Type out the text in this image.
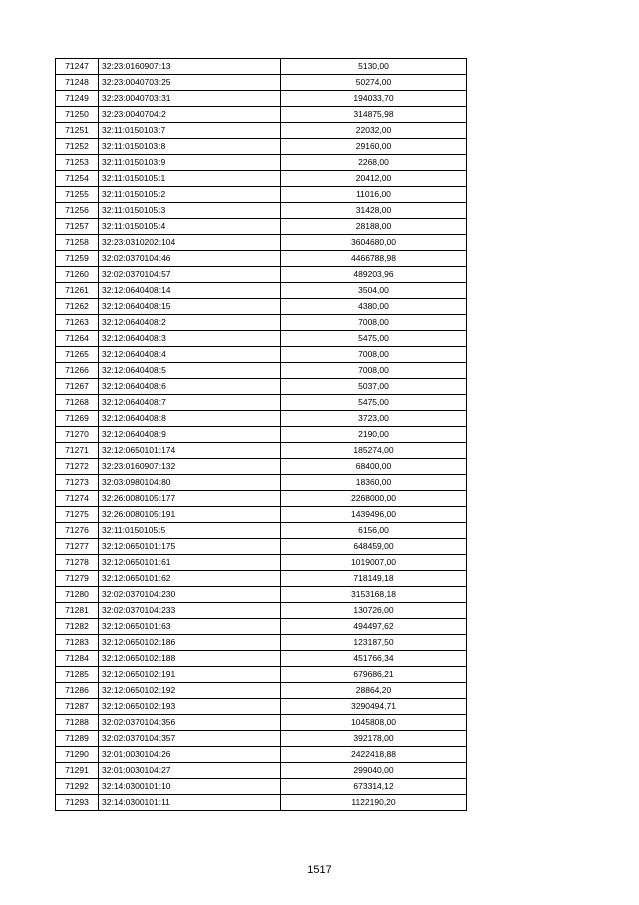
71247	32:23:0160907:13	5130,00
71248	32:23:0040703:25	50274,00
71249	32:23:0040703:31	194033,70
71250	32:23:0040704:2	314875,98
71251	32:11:0150103:7	22032,00
71252	32:11:0150103:8	29160,00
71253	32:11:0150103:9	2268,00
71254	32:11:0150105:1	20412,00
71255	32:11:0150105:2	11016,00
71256	32:11:0150105:3	31428,00
71257	32:11:0150105:4	28188,00
71258	32:23:0310202:104	3604680,00
71259	32:02:0370104:46	4466788,98
71260	32:02:0370104:57	489203,96
71261	32:12:0640408:14	3504,00
71262	32:12:0640408:15	4380,00
71263	32:12:0640408:2	7008,00
71264	32:12:0640408:3	5475,00
71265	32:12:0640408:4	7008,00
71266	32:12:0640408:5	7008,00
71267	32:12:0640408:6	5037,00
71268	32:12:0640408:7	5475,00
71269	32:12:0640408:8	3723,00
71270	32:12:0640408:9	2190,00
71271	32:12:0650101:174	185274,00
71272	32:23:0160907:132	68400,00
71273	32:03:0980104:80	18360,00
71274	32:26:0080105:177	2268000,00
71275	32:26:0080105:191	1439496,00
71276	32:11:0150105:5	6156,00
71277	32:12:0650101:175	648459,00
71278	32:12:0650101:61	1019007,00
71279	32:12:0650101:62	718149,18
71280	32:02:0370104:230	3153168,18
71281	32:02:0370104:233	130726,00
71282	32:12:0650101:63	494497,62
71283	32:12:0650102:186	123187,50
71284	32:12:0650102:188	451766,34
71285	32:12:0650102:191	679686,21
71286	32:12:0650102:192	28864,20
71287	32:12:0650102:193	3290494,71
71288	32:02:0370104:356	1045808,00
71289	32:02:0370104:357	392178,00
71290	32:01:0030104:26	2422418,88
71291	32:01:0030104:27	299040,00
71292	32:14:0300101:10	673314,12
71293	32:14:0300101:11	1122190,20
1517
